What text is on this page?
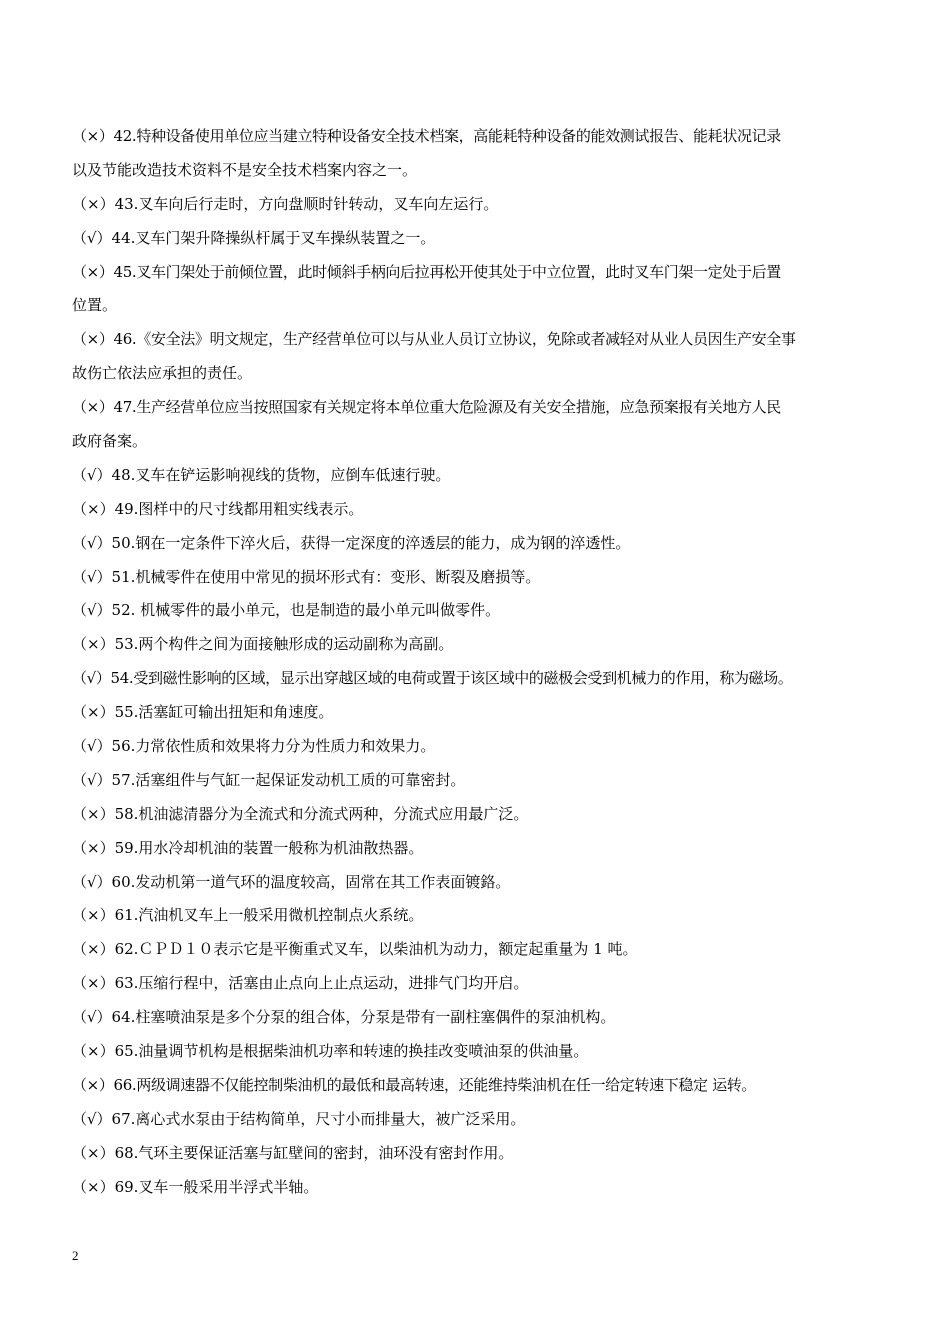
（×）42.特种设备使用单位应当建立特种设备安全技术档案，高能耗特种设备的能效测试报告、能耗状况记录
以及节能改造技术资料不是安全技术档案内容之一。
（×）43.叉车向后行走时，方向盘顺时针转动，叉车向左运行。
（√）44.叉车门架升降操纵杆属于叉车操纵装置之一。
（×）45.叉车门架处于前倾位置，此时倾斜手柄向后拉再松开使其处于中立位置，此时叉车门架一定处于后置
位置。
（×）46.《安全法》明文规定，生产经营单位可以与从业人员订立协议，免除或者减轻对从业人员因生产安全事
故伤亡依法应承担的责任。
（×）47.生产经营单位应当按照国家有关规定将本单位重大危险源及有关安全措施，应急预案报有关地方人民
政府备案。
（√）48.叉车在铲运影响视线的货物，应倒车低速行驶。
（×）49.图样中的尺寸线都用粗实线表示。
（√）50.钢在一定条件下淬火后，获得一定深度的淬透层的能力，成为钢的淬透性。
（√）51.机械零件在使用中常见的损坏形式有：变形、断裂及磨损等。
（√）52. 机械零件的最小单元，也是制造的最小单元叫做零件。
（×）53.两个构件之间为面接触形成的运动副称为高副。
（√）54.受到磁性影响的区域，显示出穿越区域的电荷或置于该区域中的磁极会受到机械力的作用，称为磁场。
（×）55.活塞缸可输出扭矩和角速度。
（√）56.力常依性质和效果将力分为性质力和效果力。
（√）57.活塞组件与气缸一起保证发动机工质的可靠密封。
（×）58.机油滤清器分为全流式和分流式两种，分流式应用最广泛。
（×）59.用水冷却机油的装置一般称为机油散热器。
（√）60.发动机第一道气环的温度较高，固常在其工作表面镀鉻。
（×）61.汽油机叉车上一般采用微机控制点火系统。
（×）62.ＣＰＤ１０表示它是平衡重式叉车，以柴油机为动力，额定起重量为 1 吨。
（×）63.压缩行程中，活塞由止点向上止点运动，进排气门均开启。
（√）64.柱塞喷油泵是多个分泵的组合体，分泵是带有一副柱塞偶件的泵油机构。
（×）65.油量调节机构是根据柴油机功率和转速的换挂改变喷油泵的供油量。
（×）66.两级调速器不仅能控制柴油机的最低和最高转速，还能维持柴油机在任一给定转速下稳定 运转。
（√）67.离心式水泵由于结构简单，尺寸小而排量大，被广泛采用。
（×）68.气环主要保证活塞与缸壁间的密封，油环没有密封作用。
（×）69.叉车一般采用半浮式半轴。
2
